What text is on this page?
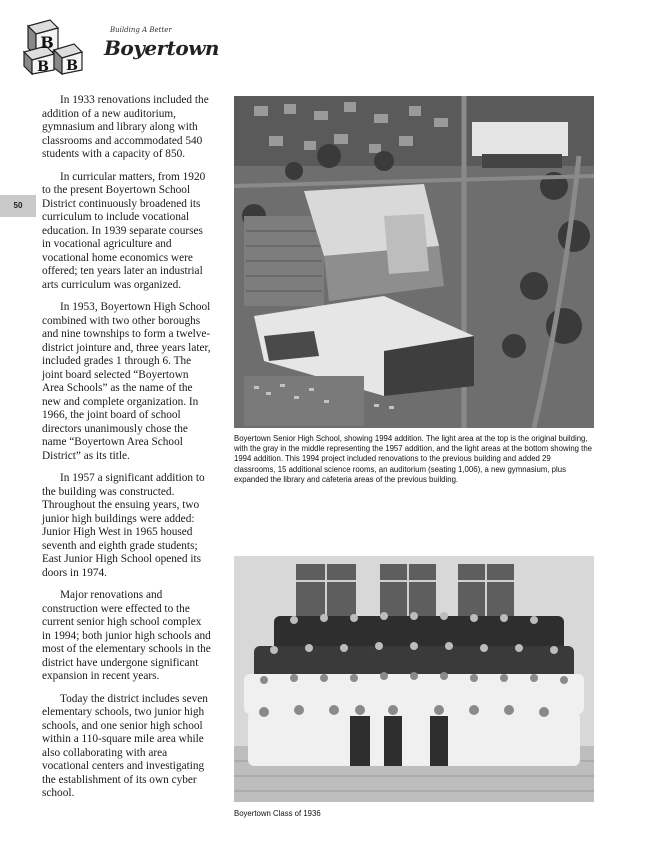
B
B B
Building A Better
Boyertown
50

In 1933 renovations included the addition of a new auditorium, gymnasium and library along with classrooms and accommodated 540 students with a capacity of 850.

In curricular matters, from 1920 to the present Boyertown School District continuously broadened its curriculum to include vocational education. In 1939 separate courses in vocational agriculture and vocational home economics were offered; ten years later an industrial arts curriculum was organized.

In 1953, Boyertown High School combined with two other boroughs and nine townships to form a twelve-district jointure and, three years later, included grades 1 through 6. The joint board selected “Boyertown Area Schools” as the name of the new and complete organization. In 1966, the joint board of school directors unanimously chose the name “Boyertown Area School District” as its title.

In 1957 a significant addition to the building was constructed. Throughout the ensuing years, two junior high buildings were added: Junior High West in 1965 housed seventh and eighth grade students; East Junior High School opened its doors in 1974.

Major renovations and construction were effected to the current senior high school complex in 1994; both junior high schools and most of the elementary schools in the district have undergone significant expansion in recent years.

Today the district includes seven elementary schools, two junior high schools, and one senior high school within a 110-square mile area while also collaborating with area vocational centers and investigating the establishment of its own cyber school.

Boyertown Senior High School, showing 1994 addition. The light area at the top is the original building, with the gray in the middle representing the 1957 addition, and the light areas at the bottom showing the 1994 addition. This 1994 project included renovations to the previous building and added 29 classrooms, 15 additional science rooms, an auditorium (seating 1,006), a new gymnasium, plus expanded the library and cafeteria areas of the previous building.
Boyertown Class of 1936
